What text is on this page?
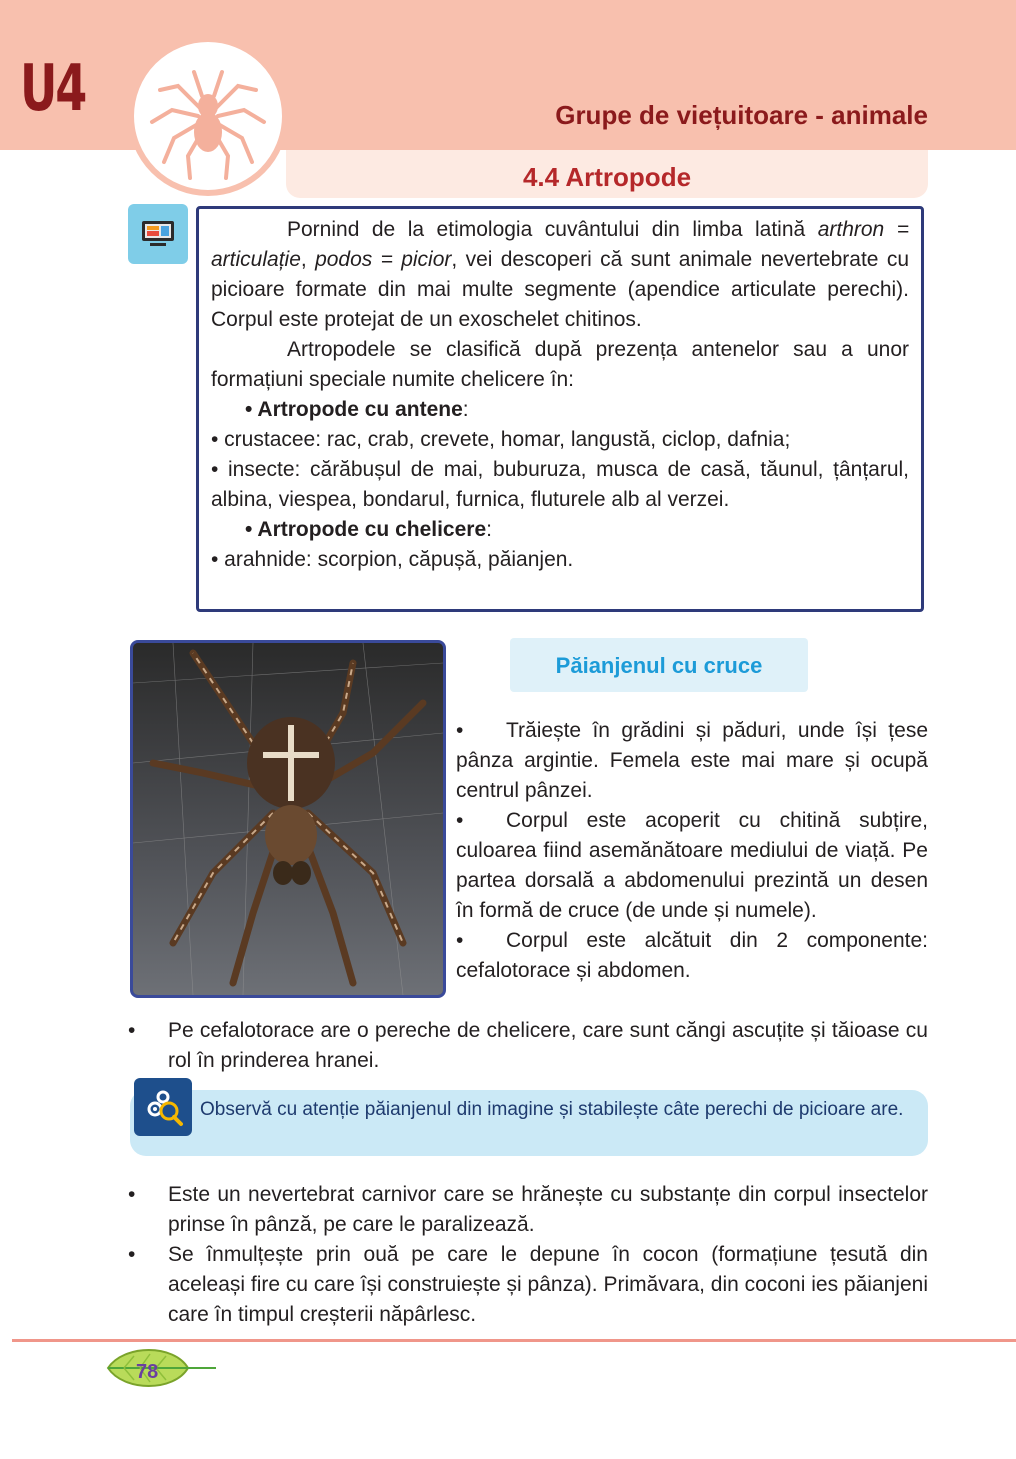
U4	Grupe de viețuitoare - animale
4.4 Artropode

Pornind de la etimologia cuvântului din limba latină arthron = articulație, podos = picior, vei descoperi că sunt animale nevertebrate cu picioare formate din mai multe segmente (apendice articulate perechi). Corpul este protejat de un exoschelet chitinos.

Artropodele se clasifică după prezența antenelor sau a unor formațiuni speciale numite chelicere în:

• Artropode cu antene:

• crustacee: rac, crab, crevete, homar, langustă, ciclop, dafnia;

• insecte: cărăbușul de mai, buburuza, musca de casă, tăunul, țânțarul, albina, viespea, bondarul, furnica, fluturele alb al verzei.

• Artropode cu chelicere:

• arahnide: scorpion, căpușă, păianjen.

Păianjenul cu cruce

• Trăiește în grădini și păduri, unde își țese pânza argintie. Femela este mai mare și ocupă centrul pânzei.

• Corpul este acoperit cu chitină subțire, culoarea fiind asemănătoare mediului de viață. Pe partea dorsală a abdomenului prezintă un desen în formă de cruce (de unde și numele).

• Corpul este alcătuit din 2 componente: cefalotorace și abdomen.

• Pe cefalotorace are o pereche de chelicere, care sunt căngi ascuțite și tăioase cu rol în prinderea hranei.
Observă cu atenție păianjenul din imagine și stabilește câte perechi de picioare are.
• Este un nevertebrat carnivor care se hrănește cu substanțe din corpul insectelor prinse în pânză, pe care le paralizează.
• Se înmulțește prin ouă pe care le depune în cocon (formațiune țesută din aceleași fire cu care își construiește și pânza). Primăvara, din coconi ies păianjeni care în timpul creșterii năpârlesc.
78
